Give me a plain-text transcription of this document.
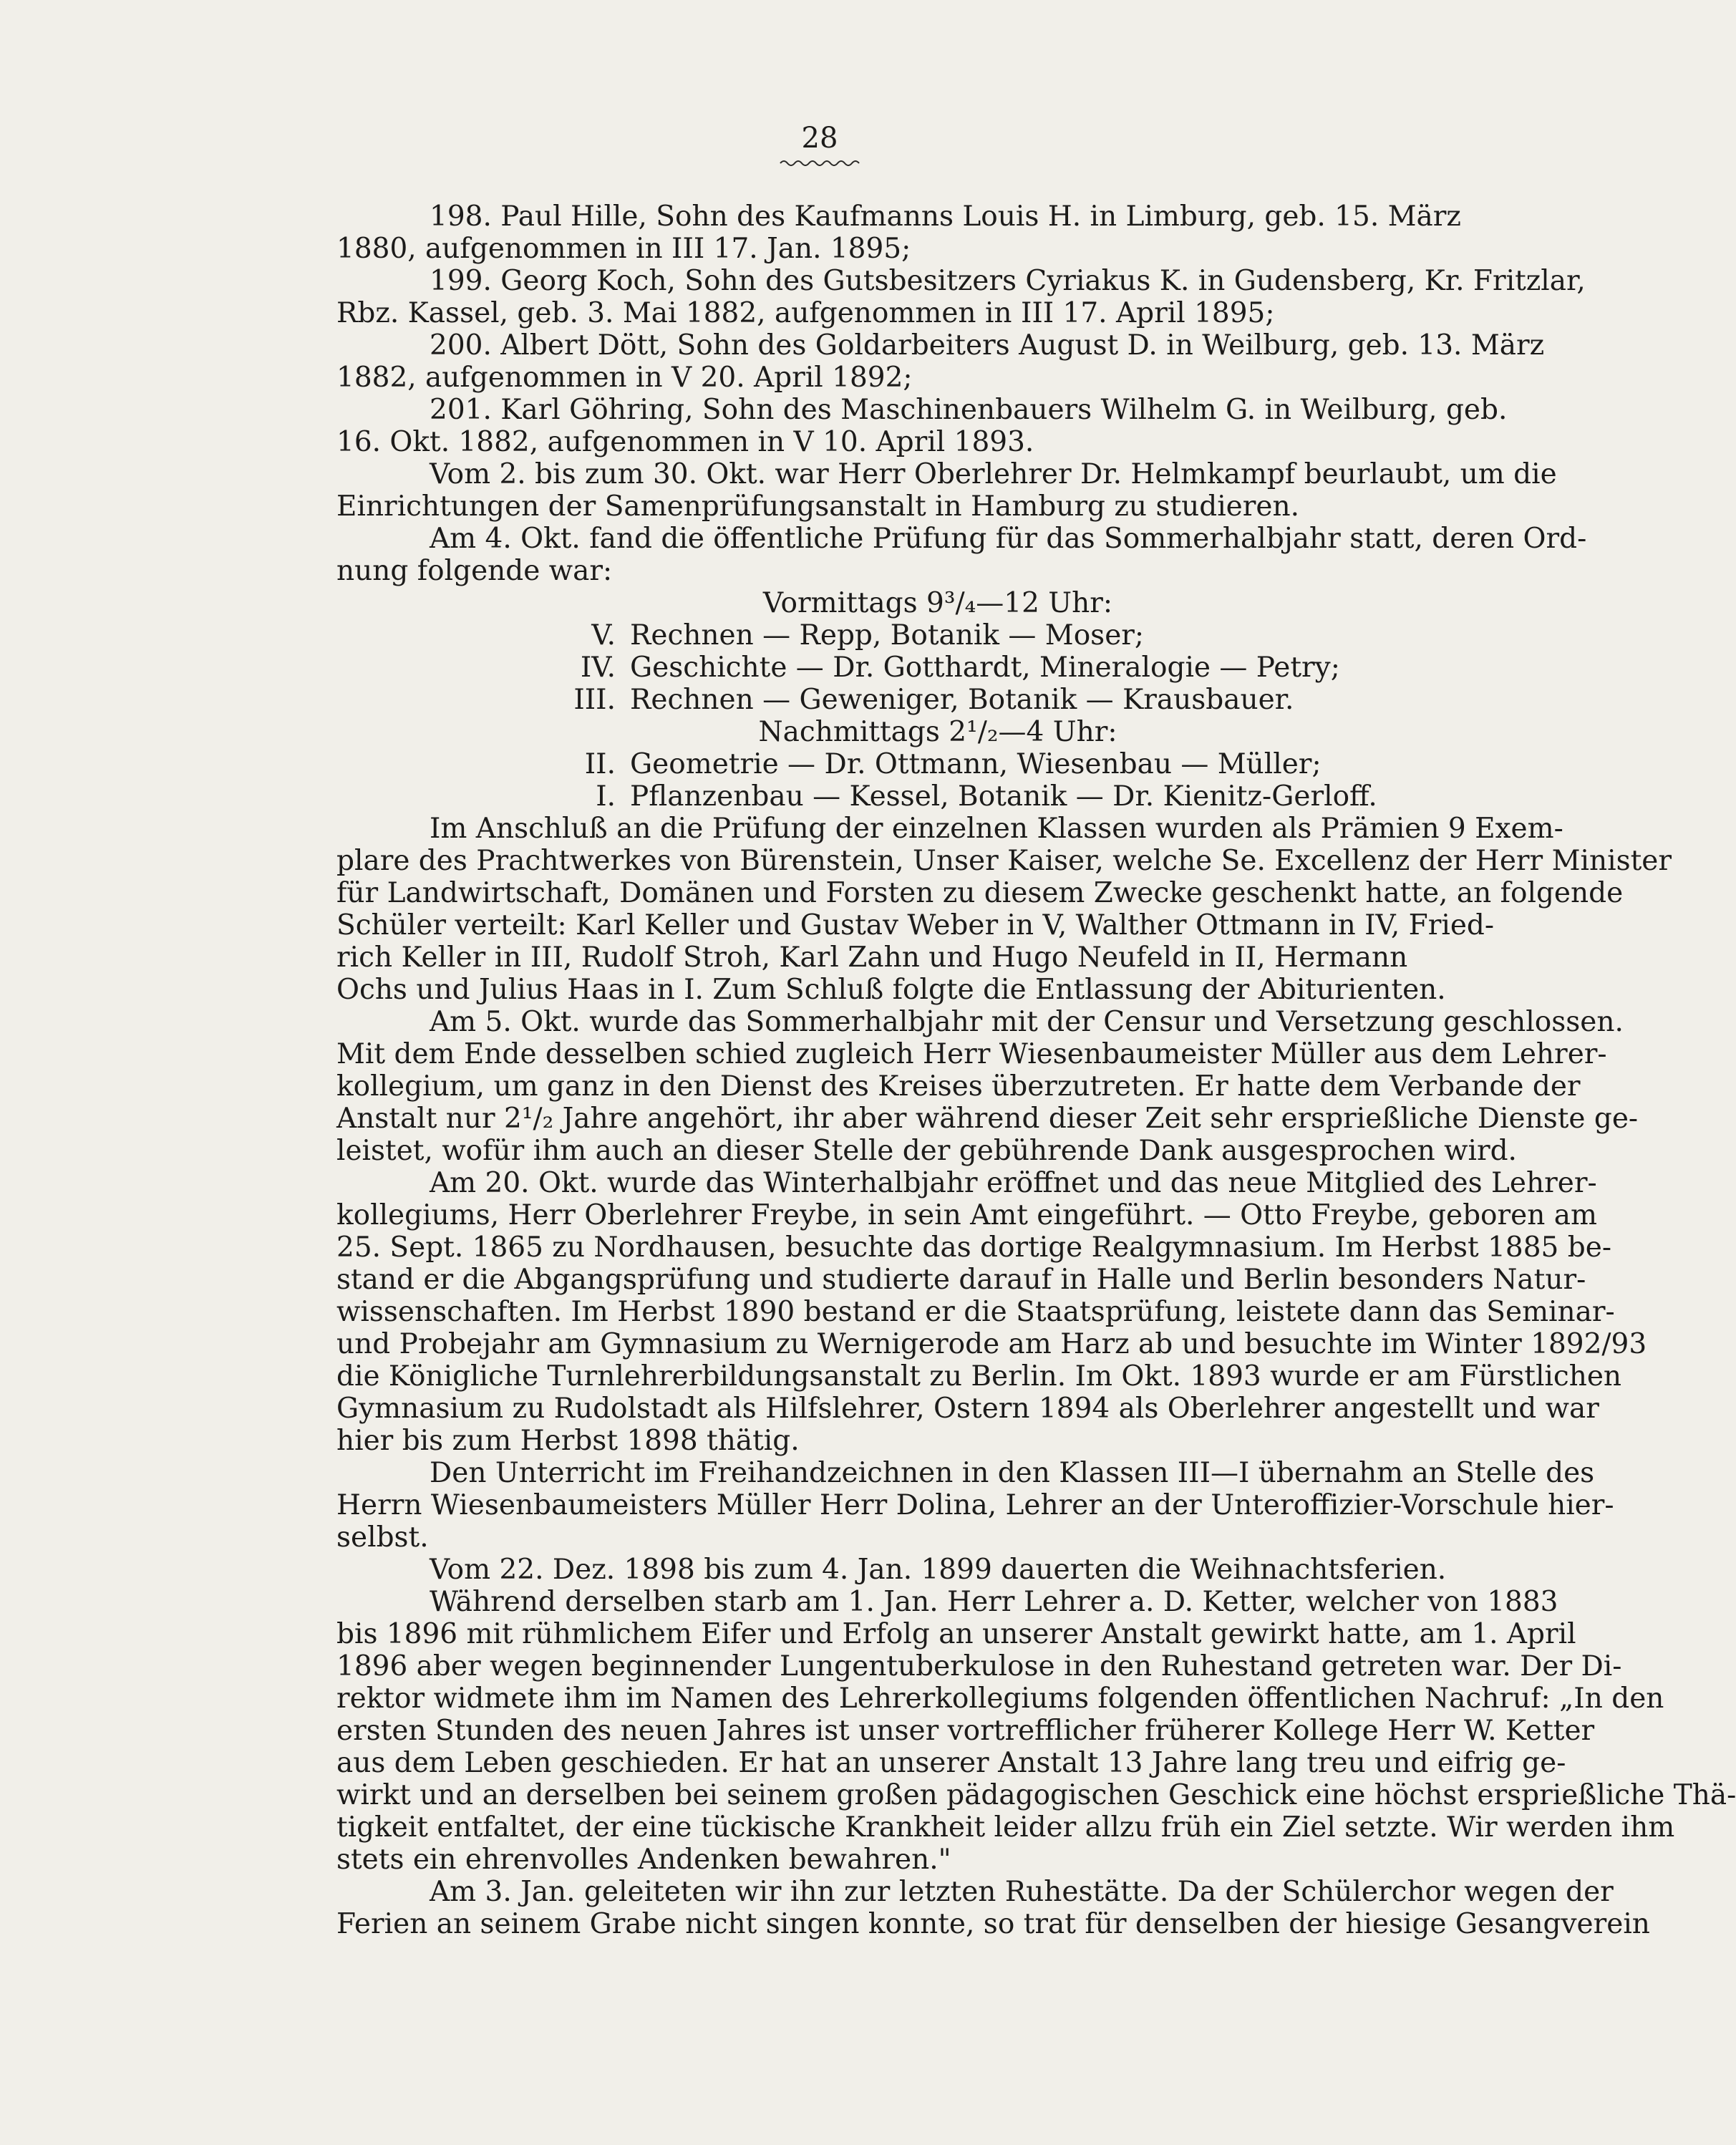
28
198. Paul Hille, Sohn des Kaufmanns Louis H. in Limburg, geb. 15. März
1880, aufgenommen in III 17. Jan. 1895;
199. Georg Koch, Sohn des Gutsbesitzers Cyriakus K. in Gudensberg, Kr. Fritzlar,
Rbz. Kassel, geb. 3. Mai 1882, aufgenommen in III 17. April 1895;
200. Albert Dött, Sohn des Goldarbeiters August D. in Weilburg, geb. 13. März
1882, aufgenommen in V 20. April 1892;
201. Karl Göhring, Sohn des Maschinenbauers Wilhelm G. in Weilburg, geb.
16. Okt. 1882, aufgenommen in V 10. April 1893.
Vom 2. bis zum 30. Okt. war Herr Oberlehrer Dr. Helmkampf beurlaubt, um die
Einrichtungen der Samenprüfungsanstalt in Hamburg zu studieren.
Am 4. Okt. fand die öffentliche Prüfung für das Sommerhalbjahr statt, deren Ord-
nung folgende war:
Vormittags 9³/₄—12 Uhr:
V. Rechnen — Repp, Botanik — Moser;
IV. Geschichte — Dr. Gotthardt, Mineralogie — Petry;
III. Rechnen — Geweniger, Botanik — Krausbauer.
Nachmittags 2¹/₂—4 Uhr:
II. Geometrie — Dr. Ottmann, Wiesenbau — Müller;
I. Pflanzenbau — Kessel, Botanik — Dr. Kienitz-Gerloff.
Im Anschluß an die Prüfung der einzelnen Klassen wurden als Prämien 9 Exem-
plare des Prachtwerkes von Bürenstein, Unser Kaiser, welche Se. Excellenz der Herr Minister
für Landwirtschaft, Domänen und Forsten zu diesem Zwecke geschenkt hatte, an folgende
Schüler verteilt: Karl Keller und Gustav Weber in V, Walther Ottmann in IV, Fried-
rich Keller in III, Rudolf Stroh, Karl Zahn und Hugo Neufeld in II, Hermann
Ochs und Julius Haas in I. Zum Schluß folgte die Entlassung der Abiturienten.
Am 5. Okt. wurde das Sommerhalbjahr mit der Censur und Versetzung geschlossen.
Mit dem Ende desselben schied zugleich Herr Wiesenbaumeister Müller aus dem Lehrer-
kollegium, um ganz in den Dienst des Kreises überzutreten. Er hatte dem Verbande der
Anstalt nur 2¹/₂ Jahre angehört, ihr aber während dieser Zeit sehr ersprießliche Dienste ge-
leistet, wofür ihm auch an dieser Stelle der gebührende Dank ausgesprochen wird.
Am 20. Okt. wurde das Winterhalbjahr eröffnet und das neue Mitglied des Lehrer-
kollegiums, Herr Oberlehrer Freybe, in sein Amt eingeführt. — Otto Freybe, geboren am
25. Sept. 1865 zu Nordhausen, besuchte das dortige Realgymnasium. Im Herbst 1885 be-
stand er die Abgangsprüfung und studierte darauf in Halle und Berlin besonders Natur-
wissenschaften. Im Herbst 1890 bestand er die Staatsprüfung, leistete dann das Seminar-
und Probejahr am Gymnasium zu Wernigerode am Harz ab und besuchte im Winter 1892/93
die Königliche Turnlehrerbildungsanstalt zu Berlin. Im Okt. 1893 wurde er am Fürstlichen
Gymnasium zu Rudolstadt als Hilfslehrer, Ostern 1894 als Oberlehrer angestellt und war
hier bis zum Herbst 1898 thätig.
Den Unterricht im Freihandzeichnen in den Klassen III—I übernahm an Stelle des
Herrn Wiesenbaumeisters Müller Herr Dolina, Lehrer an der Unteroffizier-Vorschule hier-
selbst.
Vom 22. Dez. 1898 bis zum 4. Jan. 1899 dauerten die Weihnachtsferien.
Während derselben starb am 1. Jan. Herr Lehrer a. D. Ketter, welcher von 1883
bis 1896 mit rühmlichem Eifer und Erfolg an unserer Anstalt gewirkt hatte, am 1. April
1896 aber wegen beginnender Lungentuberkulose in den Ruhestand getreten war. Der Di-
rektor widmete ihm im Namen des Lehrerkollegiums folgenden öffentlichen Nachruf: „In den
ersten Stunden des neuen Jahres ist unser vortrefflicher früherer Kollege Herr W. Ketter
aus dem Leben geschieden. Er hat an unserer Anstalt 13 Jahre lang treu und eifrig ge-
wirkt und an derselben bei seinem großen pädagogischen Geschick eine höchst ersprießliche Thä-
tigkeit entfaltet, der eine tückische Krankheit leider allzu früh ein Ziel setzte. Wir werden ihm
stets ein ehrenvolles Andenken bewahren."
Am 3. Jan. geleiteten wir ihn zur letzten Ruhestätte. Da der Schülerchor wegen der
Ferien an seinem Grabe nicht singen konnte, so trat für denselben der hiesige Gesangverein
